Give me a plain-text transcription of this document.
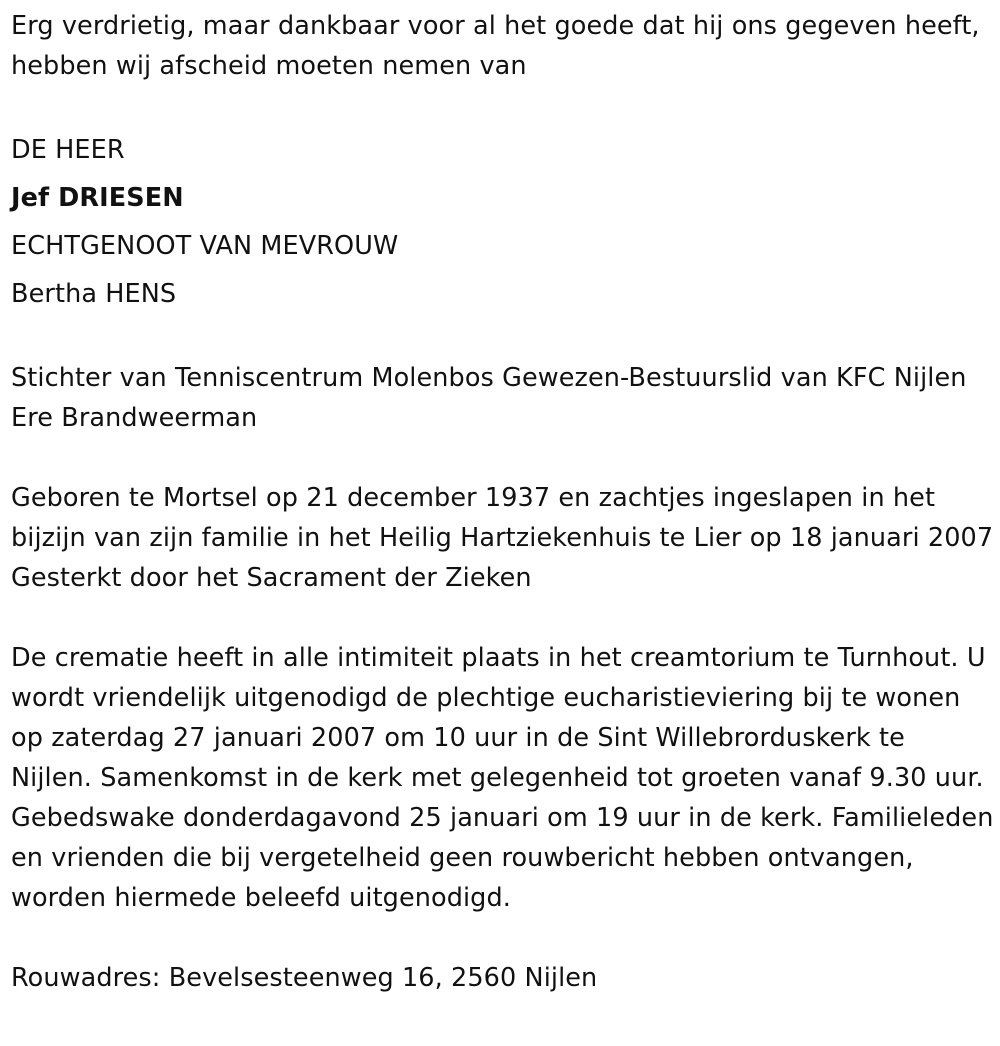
Erg verdrietig, maar dankbaar voor al het goede dat hij ons gegeven heeft, hebben wij afscheid moeten nemen van

DE HEER

Jef DRIESEN

ECHTGENOOT VAN MEVROUW

Bertha HENS

Stichter van Tenniscentrum Molenbos Gewezen-Bestuurslid van KFC Nijlen Ere Brandweerman

Geboren te Mortsel op 21 december 1937 en zachtjes ingeslapen in het bijzijn van zijn familie in het Heilig Hartziekenhuis te Lier op 18 januari 2007 Gesterkt door het Sacrament der Zieken

De crematie heeft in alle intimiteit plaats in het creamtorium te Turnhout. U wordt vriendelijk uitgenodigd de plechtige eucharistieviering bij te wonen op zaterdag 27 januari 2007 om 10 uur in de Sint Willebrorduskerk te Nijlen. Samenkomst in de kerk met gelegenheid tot groeten vanaf 9.30 uur. Gebedswake donderdagavond 25 januari om 19 uur in de kerk. Familieleden en vrienden die bij vergetelheid geen rouwbericht hebben ontvangen, worden hiermede beleefd uitgenodigd.

Rouwadres: Bevelsesteenweg 16, 2560 Nijlen
